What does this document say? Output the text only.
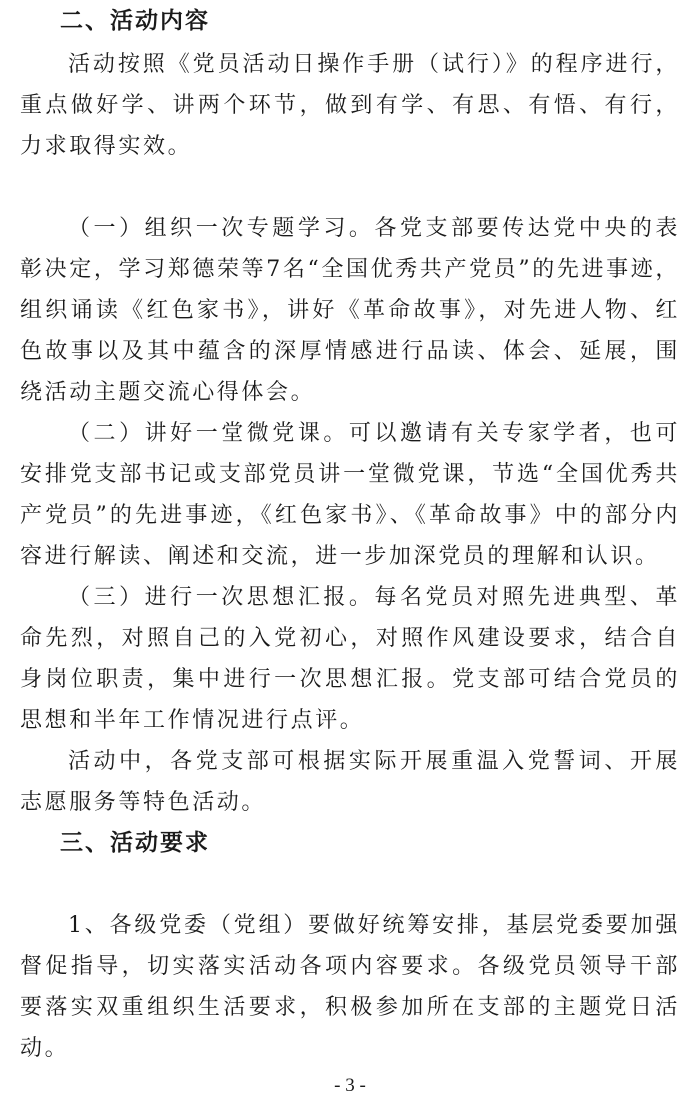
二、活动内容

活动按照《党员活动日操作手册（试行）》的程序进行，重点做好学、讲两个环节，做到有学、有思、有悟、有行，力求取得实效。

（一）组织一次专题学习。各党支部要传达党中央的表彰决定，学习郑德荣等7名“全国优秀共产党员”的先进事迹，组织诵读《红色家书》，讲好《革命故事》，对先进人物、红色故事以及其中蕴含的深厚情感进行品读、体会、延展，围绕活动主题交流心得体会。

（二）讲好一堂微党课。可以邀请有关专家学者，也可安排党支部书记或支部党员讲一堂微党课，节选“全国优秀共产党员”的先进事迹，《红色家书》、《革命故事》中的部分内容进行解读、阐述和交流，进一步加深党员的理解和认识。

（三）进行一次思想汇报。每名党员对照先进典型、革命先烈，对照自己的入党初心，对照作风建设要求，结合自身岗位职责，集中进行一次思想汇报。党支部可结合党员的思想和半年工作情况进行点评。

活动中，各党支部可根据实际开展重温入党誓词、开展志愿服务等特色活动。

三、活动要求

1、各级党委（党组）要做好统筹安排，基层党委要加强督促指导，切实落实活动各项内容要求。各级党员领导干部要落实双重组织生活要求，积极参加所在支部的主题党日活动。

- 3 -
